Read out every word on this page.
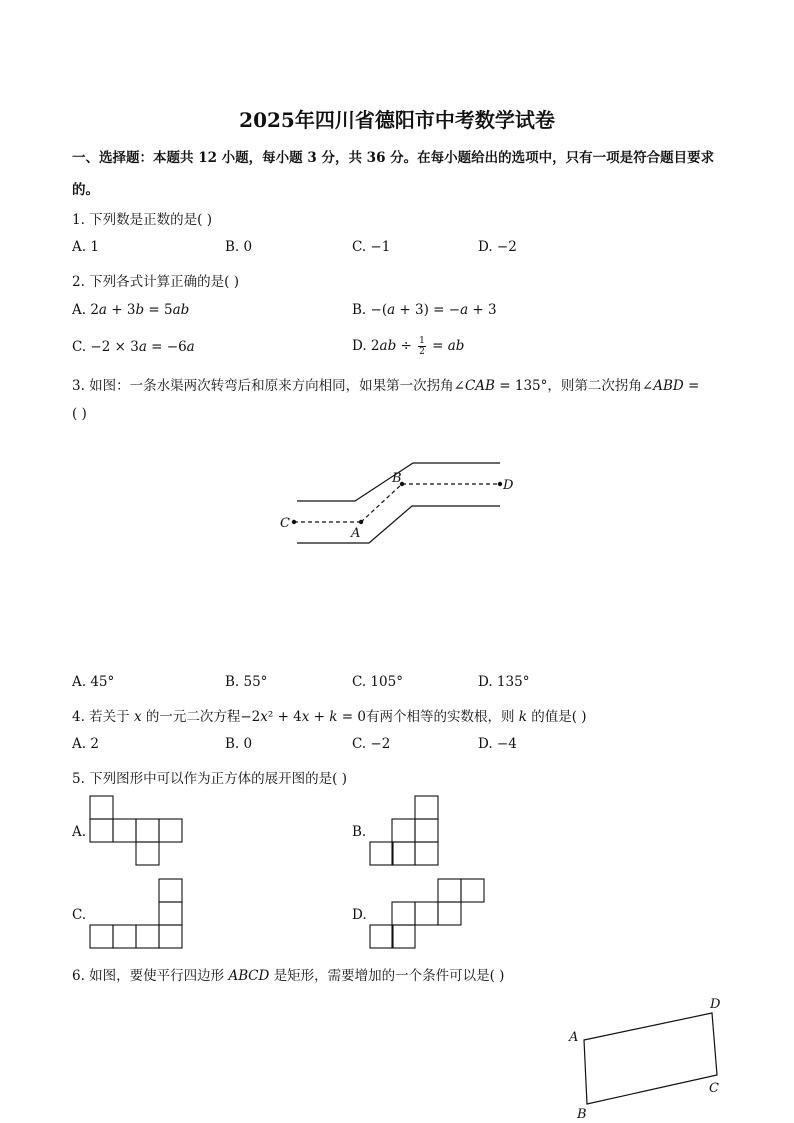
2025年四川省德阳市中考数学试卷
一、选择题：本题共 12 小题，每小题 3 分，共 36 分。在每小题给出的选项中，只有一项是符合题目要求
的。
1. 下列数是正数的是( )
A. 1	B. 0	C. −1	D. −2
2. 下列各式计算正确的是( )
A. 2𝑎 + 3𝑏 = 5𝑎𝑏	B. −(𝑎 + 3) = −𝑎 + 3
C. −2 × 3𝑎 = −6𝑎	D. 2𝑎𝑏 ÷ $\frac{1}{2}$ = 𝑎𝑏
3. 如图：一条水渠两次转弯后和原来方向相同，如果第一次拐角∠𝐶𝐴𝐵 = 135°，则第二次拐角∠𝐴𝐵𝐷 =
( )
B	D
C
A
A. 45°	B. 55°	C. 105°	D. 135°
4. 若关于 𝑥 的一元二次方程−2𝑥² + 4𝑥 + 𝑘 = 0有两个相等的实数根，则 𝑘 的值是( )
A. 2	B. 0	C. −2	D. −4
5. 下列图形中可以作为正方体的展开图的是( )
A.	B.
C.	D.
6. 如图，要使平行四边形 𝐴𝐵𝐶𝐷 是矩形，需要增加的一个条件可以是( )
A
D
C
B
